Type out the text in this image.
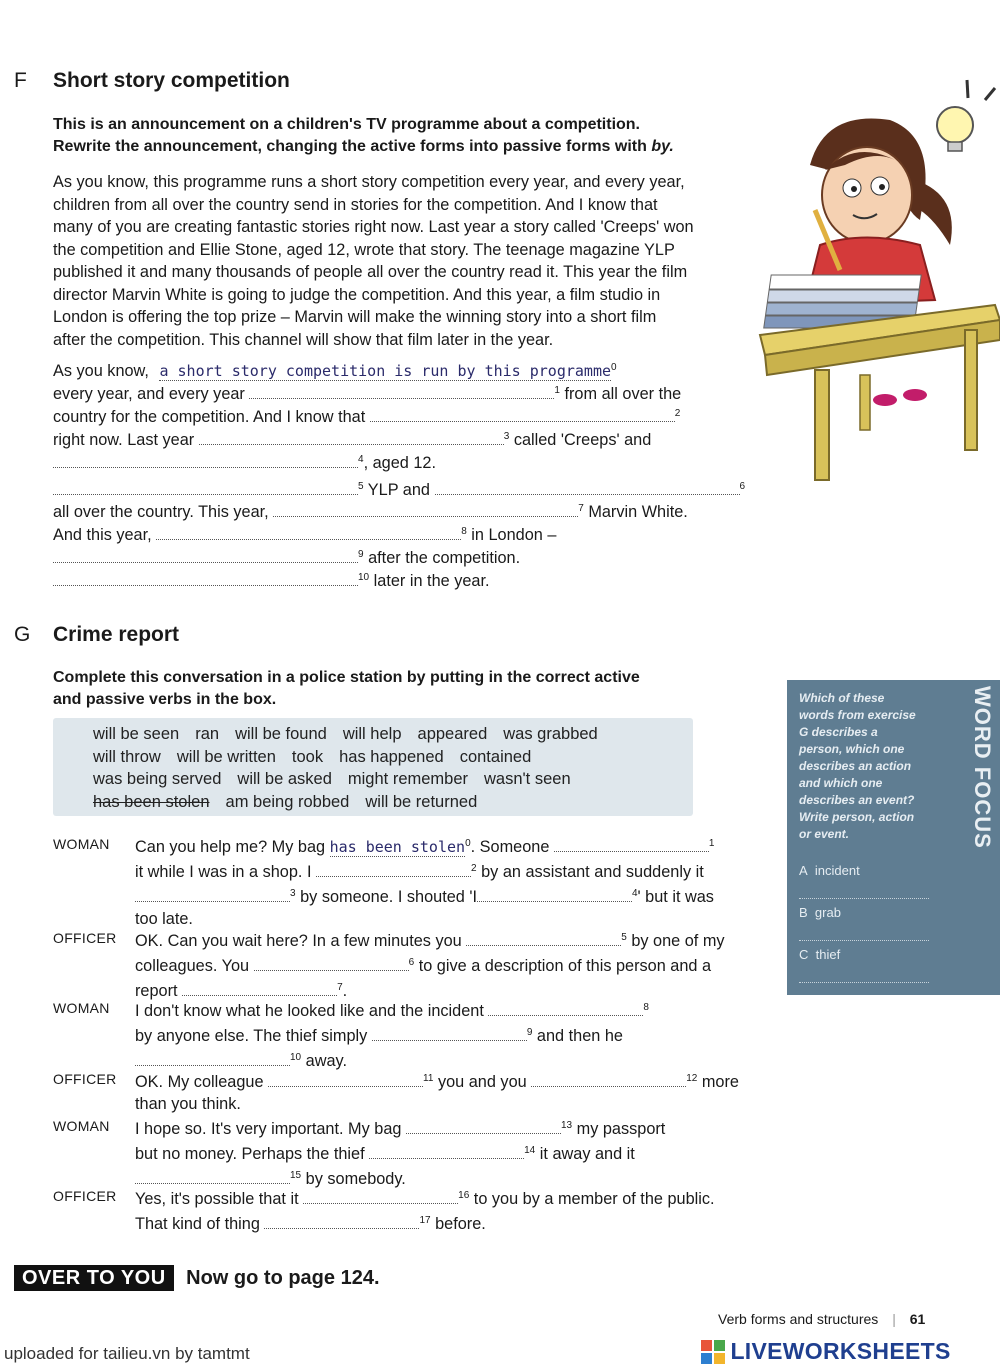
F Short story competition
This is an announcement on a children's TV programme about a competition.
Rewrite the announcement, changing the active forms into passive forms with by.
As you know, this programme runs a short story competition every year, and every year,
children from all over the country send in stories for the competition. And I know that
many of you are creating fantastic stories right now. Last year a story called 'Creeps' won
the competition and Ellie Stone, aged 12, wrote that story. The teenage magazine YLP
published it and many thousands of people all over the country read it. This year the film
director Marvin White is going to judge the competition. And this year, a film studio in
London is offering the top prize – Marvin will make the winning story into a short film
after the competition. This channel will show that film later in the year.
As you know, a short story competition is run by this programme$^0$
every year, and every year	$^1$ from all over the
country for the competition. And I know that	$^2$
right now. Last year	$^3$ called 'Creeps' and
$^4$, aged 12.
$^5$ YLP and	$^6$
all over the country. This year,	$^7$ Marvin White.
And this year,	$^8$ in London –
$^9$ after the competition.
$^{10}$ later in the year.
G Crime report
Complete this conversation in a police station by putting in the correct active
and passive verbs in the box.
will be seen ran will be found will help appeared was grabbed
will throw will be written took has happened contained
was being served will be asked might remember wasn't seen
has been stolen am being robbed will be returned
WOMAN Can you help me? My bag has been stolen$^0$. Someone	$^1$
it while I was in a shop. I	$^2$ by an assistant and suddenly it
$^3$ by someone. I shouted 'I	$^4$' but it was
too late.
OFFICER OK. Can you wait here? In a few minutes you	$^5$ by one of my
colleagues. You	$^6$ to give a description of this person and a
report	$^7$.
WOMAN I don't know what he looked like and the incident	$^8$
by anyone else. The thief simply	$^9$ and then he
$^{10}$ away.
OFFICER OK. My colleague	$^{11}$ you and you	$^{12}$ more
than you think.
WOMAN I hope so. It's very important. My bag	$^{13}$ my passport
but no money. Perhaps the thief	$^{14}$ it away and it
$^{15}$ by somebody.
OFFICER Yes, it's possible that it	$^{16}$ to you by a member of the public.
That kind of thing	$^{17}$ before.
WORD FOCUS
Which of these
words from exercise
G describes a
person, which one
describes an action
and which one
describes an event?
Write person, action
or event.
A incident
B grab
C thief
OVER TO YOU Now go to page 124.
Verb forms and structures | 61
uploaded for tailieu.vn by tamtmt	LIVEWORKSHEETS
